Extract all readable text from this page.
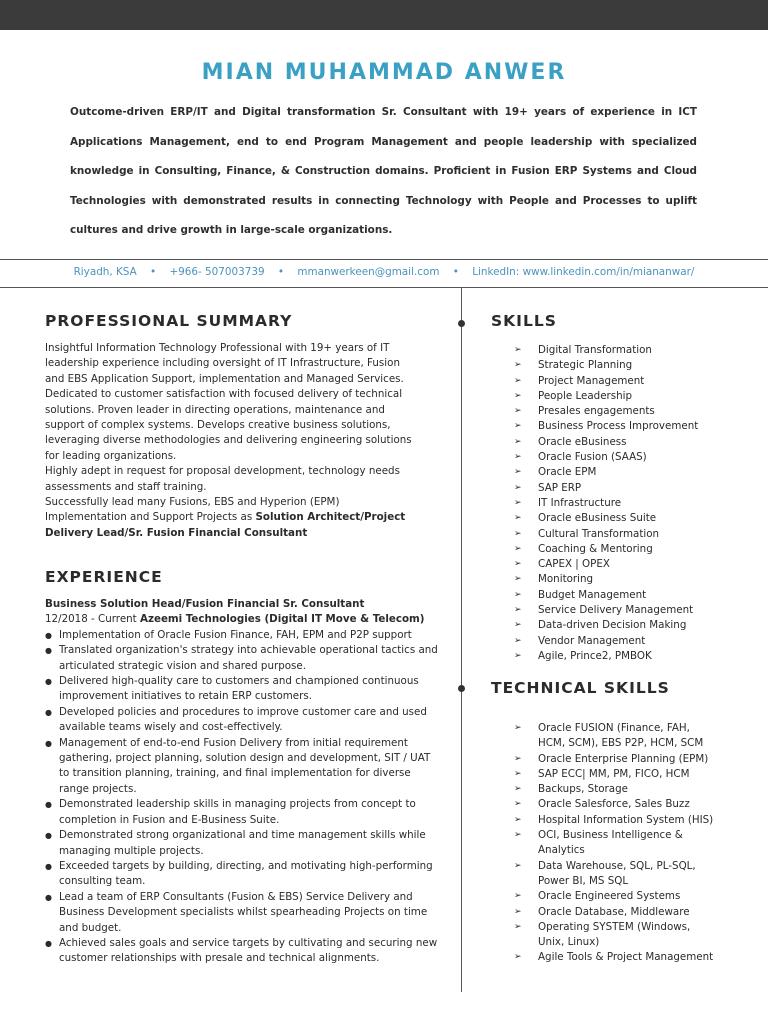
MIAN MUHAMMAD ANWER
Outcome-driven ERP/IT and Digital transformation Sr. Consultant with 19+ years of experience in ICT Applications Management, end to end Program Management and people leadership with specialized knowledge in Consulting, Finance, & Construction domains. Proficient in Fusion ERP Systems and Cloud Technologies with demonstrated results in connecting Technology with People and Processes to uplift cultures and drive growth in large-scale organizations.
Riyadh, KSA • +966- 507003739 • mmanwerkeen@gmail.com • LinkedIn: www.linkedin.com/in/miananwar/
PROFESSIONAL SUMMARY

Insightful Information Technology Professional with 19+ years of IT leadership experience including oversight of IT Infrastructure, Fusion and EBS Application Support, implementation and Managed Services.

Dedicated to customer satisfaction with focused delivery of technical solutions. Proven leader in directing operations, maintenance and support of complex systems. Develops creative business solutions, leveraging diverse methodologies and delivering engineering solutions for leading organizations.

Highly adept in request for proposal development, technology needs assessments and staff training.

Successfully lead many Fusions, EBS and Hyperion (EPM) Implementation and Support Projects as Solution Architect/Project Delivery Lead/Sr. Fusion Financial Consultant

EXPERIENCE
Business Solution Head/Fusion Financial Sr. Consultant
12/2018 - Current Azeemi Technologies (Digital IT Move & Telecom)
● Implementation of Oracle Fusion Finance, FAH, EPM and P2P support
● Translated organization's strategy into achievable operational tactics and articulated strategic vision and shared purpose.
● Delivered high-quality care to customers and championed continuous improvement initiatives to retain ERP customers.
● Developed policies and procedures to improve customer care and used available teams wisely and cost-effectively.
● Management of end-to-end Fusion Delivery from initial requirement gathering, project planning, solution design and development, SIT / UAT to transition planning, training, and final implementation for diverse range projects.
● Demonstrated leadership skills in managing projects from concept to completion in Fusion and E-Business Suite.
● Demonstrated strong organizational and time management skills while managing multiple projects.
● Exceeded targets by building, directing, and motivating high-performing consulting team.
● Lead a team of ERP Consultants (Fusion & EBS) Service Delivery and Business Development specialists whilst spearheading Projects on time and budget.
● Achieved sales goals and service targets by cultivating and securing new customer relationships with presale and technical alignments.
SKILLS
➢ Digital Transformation
➢ Strategic Planning
➢ Project Management
➢ People Leadership
➢ Presales engagements
➢ Business Process Improvement
➢ Oracle eBusiness
➢ Oracle Fusion (SAAS)
➢ Oracle EPM
➢ SAP ERP
➢ IT Infrastructure
➢ Oracle eBusiness Suite
➢ Cultural Transformation
➢ Coaching & Mentoring
➢ CAPEX | OPEX
➢ Monitoring
➢ Budget Management
➢ Service Delivery Management
➢ Data-driven Decision Making
➢ Vendor Management
➢ Agile, Prince2, PMBOK
TECHNICAL SKILLS
➢ Oracle FUSION (Finance, FAH, HCM, SCM), EBS P2P, HCM, SCM
➢ Oracle Enterprise Planning (EPM)
➢ SAP ECC| MM, PM, FICO, HCM
➢ Backups, Storage
➢ Oracle Salesforce, Sales Buzz
➢ Hospital Information System (HIS)
➢ OCI, Business Intelligence & Analytics
➢ Data Warehouse, SQL, PL-SQL, Power BI, MS SQL
➢ Oracle Engineered Systems
➢ Oracle Database, Middleware
➢ Operating SYSTEM (Windows, Unix, Linux)
➢ Agile Tools & Project Management
